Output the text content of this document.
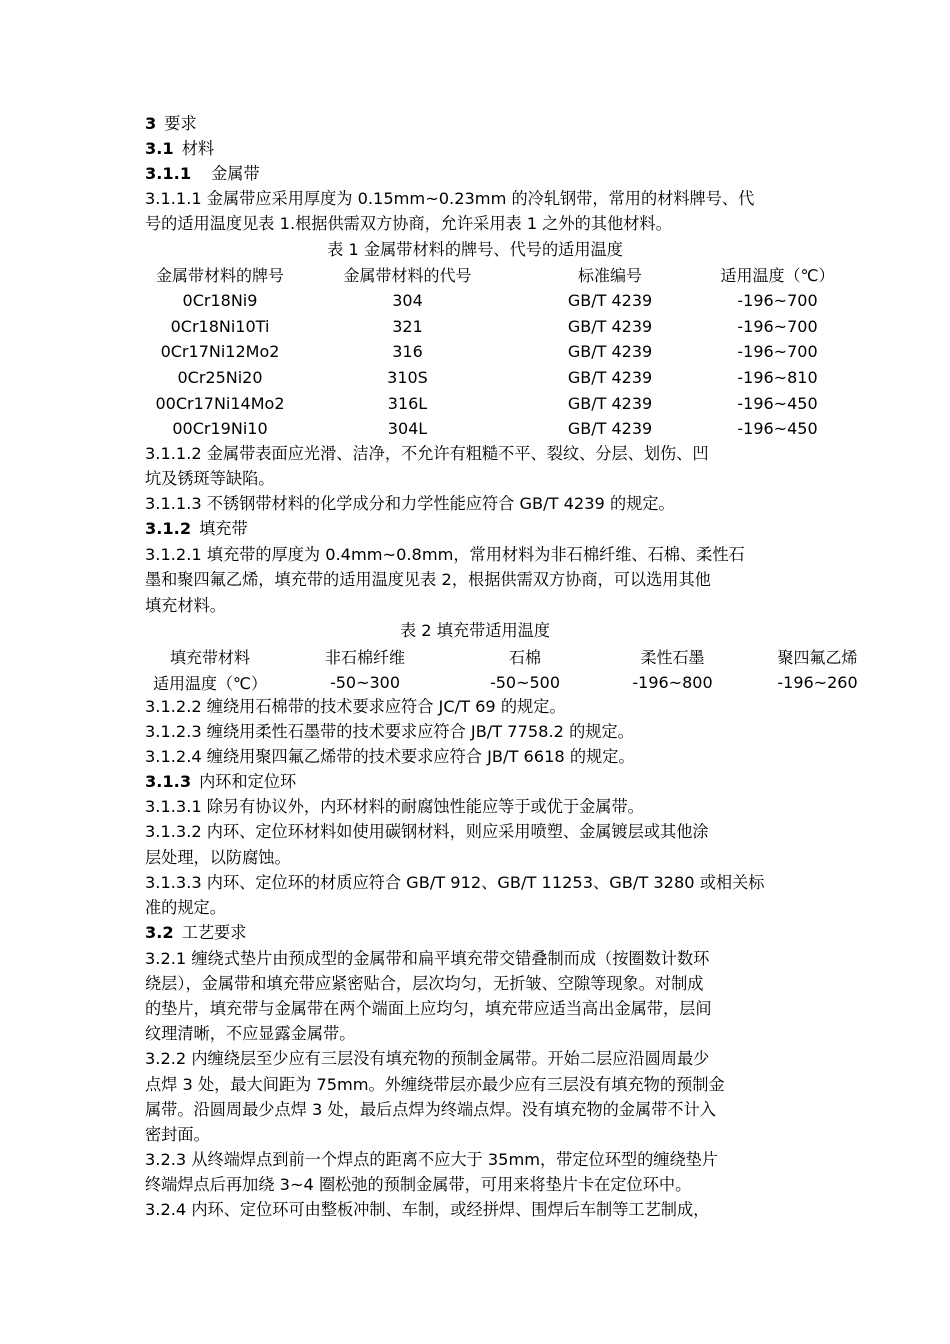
3 要求
3.1 材料
3.1.1 金属带
3.1.1.1 金属带应采用厚度为 0.15mm~0.23mm 的冷轧钢带，常用的材料牌号、代
号的适用温度见表 1.根据供需双方协商，允许采用表 1 之外的其他材料。
表 1 金属带材料的牌号、代号的适用温度
金属带材料的牌号	金属带材料的代号	标准编号	适用温度（℃）
0Cr18Ni9	304	GB/T 4239	-196~700
0Cr18Ni10Ti	321	GB/T 4239	-196~700
0Cr17Ni12Mo2	316	GB/T 4239	-196~700
0Cr25Ni20	310S	GB/T 4239	-196~810
00Cr17Ni14Mo2	316L	GB/T 4239	-196~450
00Cr19Ni10	304L	GB/T 4239	-196~450
3.1.1.2 金属带表面应光滑、洁净，不允许有粗糙不平、裂纹、分层、划伤、凹
坑及锈斑等缺陷。
3.1.1.3 不锈钢带材料的化学成分和力学性能应符合 GB/T 4239 的规定。
3.1.2 填充带
3.1.2.1 填充带的厚度为 0.4mm~0.8mm，常用材料为非石棉纤维、石棉、柔性石
墨和聚四氟乙烯，填充带的适用温度见表 2，根据供需双方协商，可以选用其他
填充材料。
表 2 填充带适用温度
填充带材料	非石棉纤维	石棉	柔性石墨	聚四氟乙烯
适用温度（℃）	-50~300	-50~500	-196~800	-196~260
3.1.2.2 缠绕用石棉带的技术要求应符合 JC/T 69 的规定。
3.1.2.3 缠绕用柔性石墨带的技术要求应符合 JB/T 7758.2 的规定。
3.1.2.4 缠绕用聚四氟乙烯带的技术要求应符合 JB/T 6618 的规定。
3.1.3 内环和定位环
3.1.3.1 除另有协议外，内环材料的耐腐蚀性能应等于或优于金属带。
3.1.3.2 内环、定位环材料如使用碳钢材料，则应采用喷塑、金属镀层或其他涂
层处理，以防腐蚀。
3.1.3.3 内环、定位环的材质应符合 GB/T 912、GB/T 11253、GB/T 3280 或相关标
准的规定。
3.2 工艺要求
3.2.1 缠绕式垫片由预成型的金属带和扁平填充带交错叠制而成（按圈数计数环
绕层），金属带和填充带应紧密贴合，层次均匀，无折皱、空隙等现象。对制成
的垫片，填充带与金属带在两个端面上应均匀，填充带应适当高出金属带，层间
纹理清晰，不应显露金属带。
3.2.2 内缠绕层至少应有三层没有填充物的预制金属带。开始二层应沿圆周最少
点焊 3 处，最大间距为 75mm。外缠绕带层亦最少应有三层没有填充物的预制金
属带。沿圆周最少点焊 3 处，最后点焊为终端点焊。没有填充物的金属带不计入
密封面。
3.2.3 从终端焊点到前一个焊点的距离不应大于 35mm，带定位环型的缠绕垫片
终端焊点后再加绕 3~4 圈松弛的预制金属带，可用来将垫片卡在定位环中。
3.2.4 内环、定位环可由整板冲制、车制，或经拼焊、围焊后车制等工艺制成，
